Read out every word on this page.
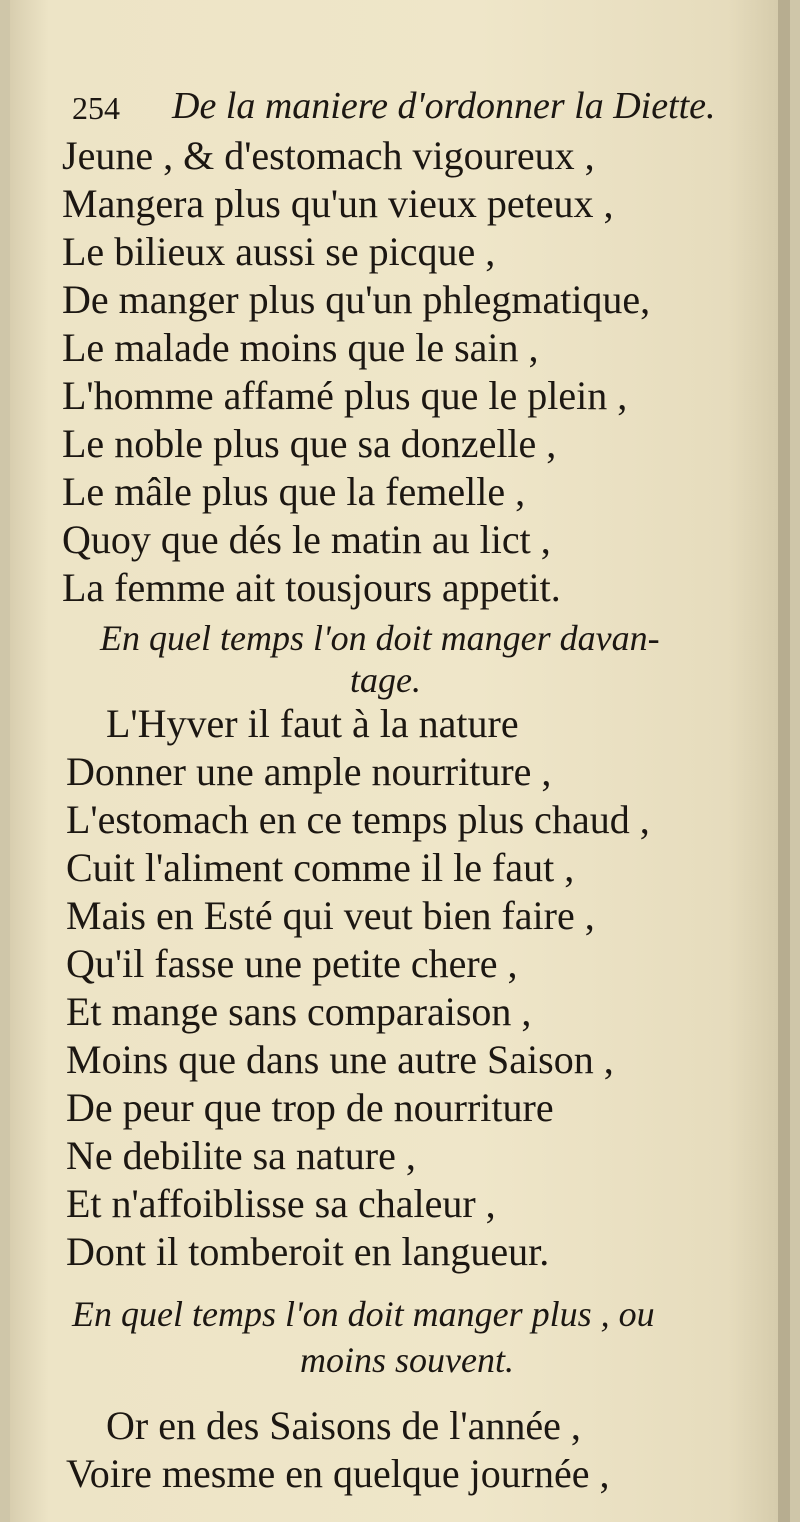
254 De la maniere d'ordonner la Diette.
Jeune , & d'estomach vigoureux ,
Mangera plus qu'un vieux peteux ,
Le bilieux aussi se picque ,
De manger plus qu'un phlegmatique,
Le malade moins que le sain ,
L'homme affamé plus que le plein ,
Le noble plus que sa donzelle ,
Le mâle plus que la femelle ,
Quoy que dés le matin au lict ,
La femme ait tousjours appetit.
En quel temps l'on doit manger davan-
tage.
L'Hyver il faut à la nature
Donner une ample nourriture ,
L'estomach en ce temps plus chaud ,
Cuit l'aliment comme il le faut ,
Mais en Esté qui veut bien faire ,
Qu'il fasse une petite chere ,
Et mange sans comparaison ,
Moins que dans une autre Saison ,
De peur que trop de nourriture
Ne debilite sa nature ,
Et n'affoiblisse sa chaleur ,
Dont il tomberoit en langueur.
En quel temps l'on doit manger plus , ou
moins souvent.
Or en des Saisons de l'année ,
Voire mesme en quelque journée ,
